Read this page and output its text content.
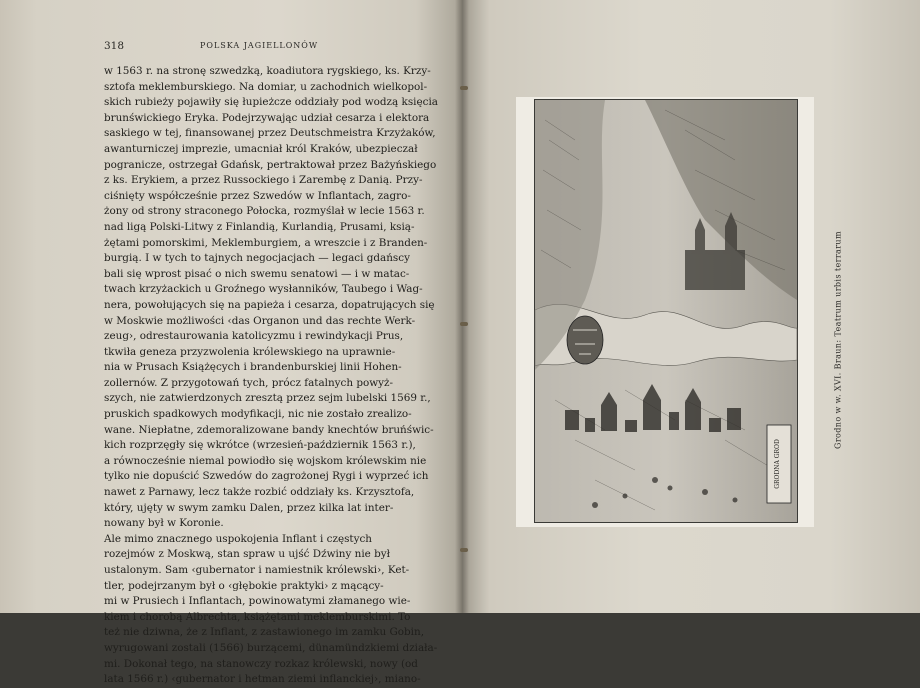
318	POLSKA JAGIELLONÓW
w 1563 r. na stronę szwedzką, koadiutora rygskiego, ks. Krzy-
sztofa meklemburskiego. Na domiar, u zachodnich wielkopol-
skich rubieży pojawiły się łupieżcze oddziały pod wodzą księcia
brunświckiego Eryka. Podejrzywając udział cesarza i elektora
saskiego w tej, finansowanej przez Deutschmeistra Krzyżaków,
awanturniczej imprezie, umacniał król Kraków, ubezpieczał
pogranicze, ostrzegał Gdańsk, pertraktował przez Bażyńskiego
z ks. Erykiem, a przez Russockiego i Zarembę z Danią. Przy-
ciśnięty współcześnie przez Szwedów w Inflantach, zagro-
żony od strony straconego Połocka, rozmyślał w lecie 1563 r.
nad ligą Polski-Litwy z Finlandią, Kurlandią, Prusami, ksią-
żętami pomorskimi, Meklemburgiem, a wreszcie i z Branden-
burgią. I w tych to tajnych negocjacjach — legaci gdańscy
bali się wprost pisać o nich swemu senatowi — i w matac-
twach krzyżackich u Groźnego wysłanników, Taubego i Wag-
nera, powołujących się na papieża i cesarza, dopatrujących się
w Moskwie możliwości ‹das Organon und das rechte Werk-
zeug›, odrestaurowania katolicyzmu i rewindykacji Prus,
tkwiła geneza przyzwolenia królewskiego na uprawnie-
nia w Prusach Książęcych i brandenburskiej linii Hohen-
zollernów. Z przygotowań tych, prócz fatalnych powyż-
szych, nie zatwierdzonych zresztą przez sejm lubelski 1569 r.,
pruskich spadkowych modyfikacji, nic nie zostało zrealizo-
wane. Niepłatne, zdemoralizowane bandy knechtów bruńświc-
kich rozprzęgły się wkrótce (wrzesień-październik 1563 r.),
a równocześnie niemal powiodło się wojskom królewskim nie
tylko nie dopuścić Szwedów do zagrożonej Rygi i wyprzeć ich
nawet z Parnawy, lecz także rozbić oddziały ks. Krzysztofa,
który, ujęty w swym zamku Dalen, przez kilka lat inter-
nowany był w Koronie.
Ale mimo znacznego uspokojenia Inflant i częstych
rozejmów z Moskwą, stan spraw u ujść Dźwiny nie był
ustalonym. Sam ‹gubernator i namiestnik królewski›, Ket-
tler, podejrzanym był o ‹głębokie praktyki› z mącący-
mi w Prusiech i Inflantach, powinowatymi złamanego wie-
kiem i chorobą Albrechta, książętami meklemburskimi. To
też nie dziwna, że z Inflant, z zastawionego im zamku Gobin,
wyrugowani zostali (1566) burzącemi, dünamündzkiemi działa-
mi. Dokonał tego, na stanowczy rozkaz królewski, nowy (od
lata 1566 r.) ‹gubernator i hetman ziemi inflanckiej›, miano-
GRODNA GROD
Grodno w w. XVI. Braun: Teatrum urbis terrarum
